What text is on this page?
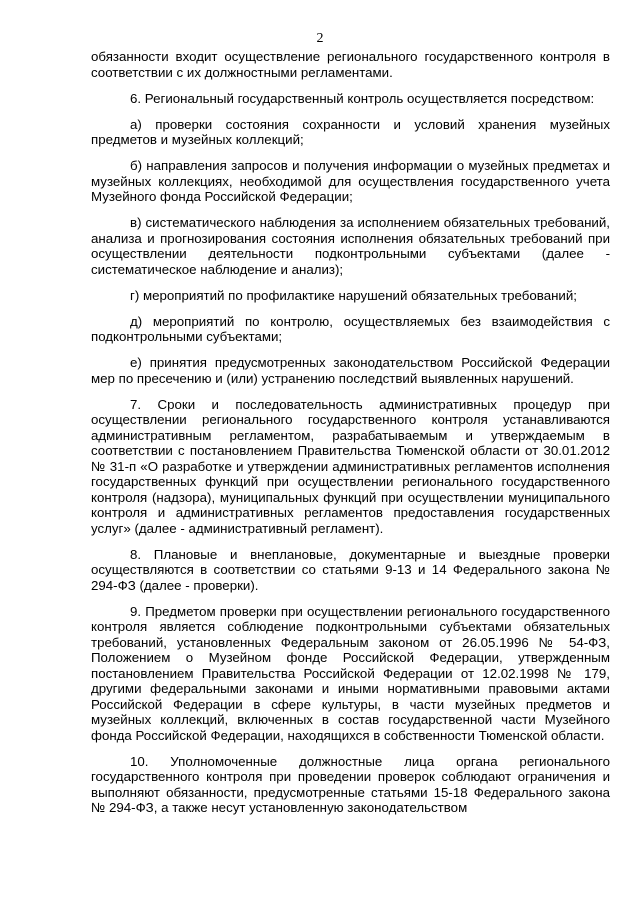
2

обязанности входит осуществление регионального государственного контроля в соответствии с их должностными регламентами.

6. Региональный государственный контроль осуществляется посредством:

а) проверки состояния сохранности и условий хранения музейных предметов и музейных коллекций;

б) направления запросов и получения информации о музейных предметах и музейных коллекциях, необходимой для осуществления государственного учета Музейного фонда Российской Федерации;

в) систематического наблюдения за исполнением обязательных требований, анализа и прогнозирования состояния исполнения обязательных требований при осуществлении деятельности подконтрольными субъектами (далее - систематическое наблюдение и анализ);

г) мероприятий по профилактике нарушений обязательных требований;

д) мероприятий по контролю, осуществляемых без взаимодействия с подконтрольными субъектами;

е) принятия предусмотренных законодательством Российской Федерации мер по пресечению и (или) устранению последствий выявленных нарушений.

7. Сроки и последовательность административных процедур при осуществлении регионального государственного контроля устанавливаются административным регламентом, разрабатываемым и утверждаемым в соответствии с постановлением Правительства Тюменской области от 30.01.2012 № 31-п «О разработке и утверждении административных регламентов исполнения государственных функций при осуществлении регионального государственного контроля (надзора), муниципальных функций при осуществлении муниципального контроля и административных регламентов предоставления государственных услуг» (далее - административный регламент).

8. Плановые и внеплановые, документарные и выездные проверки осуществляются в соответствии со статьями 9-13 и 14 Федерального закона № 294-ФЗ (далее - проверки).

9. Предметом проверки при осуществлении регионального государственного контроля является соблюдение подконтрольными субъектами обязательных требований, установленных Федеральным законом от 26.05.1996 № 54-ФЗ, Положением о Музейном фонде Российской Федерации, утвержденным постановлением Правительства Российской Федерации от 12.02.1998 № 179, другими федеральными законами и иными нормативными правовыми актами Российской Федерации в сфере культуры, в части музейных предметов и музейных коллекций, включенных в состав государственной части Музейного фонда Российской Федерации, находящихся в собственности Тюменской области.

10. Уполномоченные должностные лица органа регионального государственного контроля при проведении проверок соблюдают ограничения и выполняют обязанности, предусмотренные статьями 15-18 Федерального закона № 294-ФЗ, а также несут установленную законодательством
